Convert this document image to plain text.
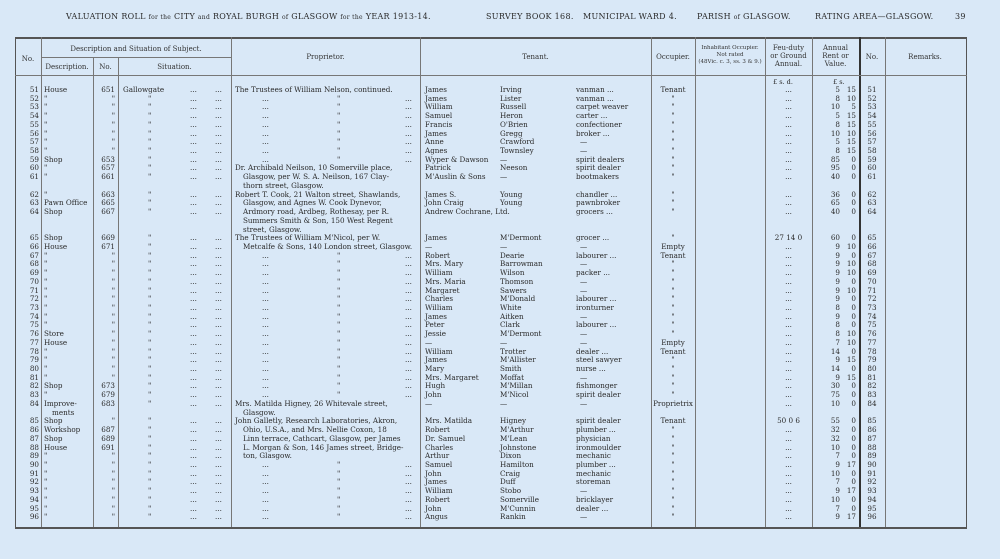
VALUATION ROLL for the CITY and ROYAL BURGH of GLASGOW for the YEAR 1913-14.	SURVEY BOOK 168. MUNICIPAL WARD 4.	PARISH of GLASGOW.	RATING AREA—GLASGOW.	39
No.
Description and Situation of Subject.
Description.	No.	Situation.
Proprietor.	Tenant.	Occupier.
Inhabitant Occupier.
Not rated
(48Vic. c. 3, ss. 3 & 9.)
Feu-duty
or Ground
Annual.
Annual
Rent or
Value.
No.	Remarks.
£ s. d.	£ s.
51 House	651 Gallowgate	...	...	The Trustees of William Nelson, continued.	James	Irving	vanman ...	Tenant	...	5 15	51
52 "	"	"	...	...	...	"	...	James	Lister	vanman ...	"	...	8 10	52
53 "	"	"	...	...	...	"	...	William	Russell	carpet weaver	"	...	10	5	53
54 "	"	"	...	...	...	"	...	Samuel	Heron	carter ...	"	...	5 15	54
55 "	"	"	...	...	...	"	...	Francis	O'Brien	confectioner	"	...	8 15	55
56 "	"	"	...	...	...	"	...	James	Gregg	broker ...	"	...	10 10	56
57 "	"	"	...	...	...	"	...	Anne	Crawford	—	"	...	5 15	57
58 "	"	"	...	...	...	"	...	Agnes	Townsley	—	"	...	8 15	58
59 Shop	653	"	...	...	...	"	...	Wyper & Dawson	—	spirit dealers	"	...	85	0	59
60 "	657	"	...	...	Dr. Archibald Neilson, 10 Somerville place,	Patrick	Neeson	spirit dealer	"	...	95	0	60
61 "	661	"	...	...	Glasgow, per W. S. A. Neilson, 167 Clay-	M'Auslin & Sons	—	bootmakers	"	...	40	0	61
thorn street, Glasgow.
62 "	663	"	...	...	Robert T. Cook, 21 Walton street, Shawlands,	James S.	Young	chandler ...	"	...	36	0	62
63 Pawn Office	665	"	...	...	Glasgow, and Agnes W. Cook Dynevor,	John Craig	Young	pawnbroker	"	...	65	0	63
64 Shop	667	"	...	...	Ardmory road, Ardbeg, Rothesay, per R.	Andrew Cochrane, Ltd.	grocers ...	"	...	40	0	64
Summers Smith & Son, 150 West Regent
street, Glasgow.
65 Shop	669	"	...	...	The Trustees of William M'Nicol, per W.	James	M'Dermont	grocer ...	"	27 14 0	60	0	65
66 House	671	"	...	...	Metcalfe & Sons, 140 London street, Glasgow.	—	—	—	Empty	...	9 10	66
67 "	"	"	...	...	...	"	...	Robert	Dearie	labourer ...	Tenant	...	9	0	67
68 "	"	"	...	...	...	"	...	Mrs. Mary	Barrowman	—	"	...	9 10	68
69 "	"	"	...	...	...	"	...	William	Wilson	packer ...	"	...	9 10	69
70 "	"	"	...	...	...	"	...	Mrs. Maria	Thomson	—	"	...	9	0	70
71 "	"	"	...	...	...	"	...	Margaret	Sawers	—	"	...	9 10	71
72 "	"	"	...	...	...	"	...	Charles	M'Donald	labourer ...	"	...	9	0	72
73 "	"	"	...	...	...	"	...	William	White	ironturner	"	...	8	0	73
74 "	"	"	...	...	...	"	...	James	Aitken	—	"	...	9	0	74
75 "	"	"	...	...	...	"	...	Peter	Clark	labourer ...	"	...	8	0	75
76 Store	"	"	...	...	...	"	...	Jessie	M'Dermont	—	"	...	8 10	76
77 House	"	"	...	...	...	"	...	—	—	—	Empty	...	7 10	77
78 "	"	"	...	...	...	"	...	William	Trotter	dealer ...	Tenant	...	14	0	78
79 "	"	"	...	...	...	"	...	James	M'Allister	steel sawyer	"	...	9 15	79
80 "	"	"	...	...	...	"	...	Mary	Smith	nurse ...	"	...	14	0	80
81 "	"	"	...	...	...	"	...	Mrs. Margaret	Moffat	—	"	...	9 15	81
82 Shop	673	"	...	...	...	"	...	Hugh	M'Millan	fishmonger	"	...	30	0	82
83 "	679	"	...	...	...	"	...	John	M'Nicol	spirit dealer	"	...	75	0	83
84 Improve-	683	"	...	...	Mrs. Matilda Higney, 26 Whitevale street,	—	—	—	Proprietrix	...	10	0	84
ments	Glasgow.
85 Shop	"	"	...	...	John Galletly, Research Laboratories, Akron,	Mrs. Matilda	Higney	spirit dealer	Tenant	50 0 6	55	0	85
86 Workshop	687	"	...	...	Ohio, U.S.A., and Mrs. Nellie Coxon, 18	Robert	M'Arthur	plumber ...	"	...	32	0	86
87 Shop	689	"	...	...	Linn terrace, Cathcart, Glasgow, per James	Dr. Samuel	M'Lean	physician	"	...	32	0	87
88 House	691	"	...	...	L. Morgan & Son, 146 James street, Bridge-	Charles	Johnstone	ironmoulder	"	...	10	0	88
89 "	"	"	...	...	ton, Glasgow.	Arthur	Dixon	mechanic	"	...	7	0	89
90 "	"	"	...	...	...	"	...	Samuel	Hamilton	plumber ...	"	...	9 17	90
91 "	"	"	...	...	...	"	...	John	Craig	mechanic	"	...	10	0	91
92 "	"	"	...	...	...	"	...	James	Duff	storeman	"	...	7	0	92
93 "	"	"	...	...	...	"	...	William	Stobo	—	"	...	9 17	93
94 "	"	"	...	...	...	"	...	Robert	Somerville	bricklayer	"	...	10	0	94
95 "	"	"	...	...	...	"	...	John	M'Cunnin	dealer ...	"	...	7	0	95
96 "	"	"	...	...	...	"	...	Angus	Rankin	—	"	...	9 17	96
